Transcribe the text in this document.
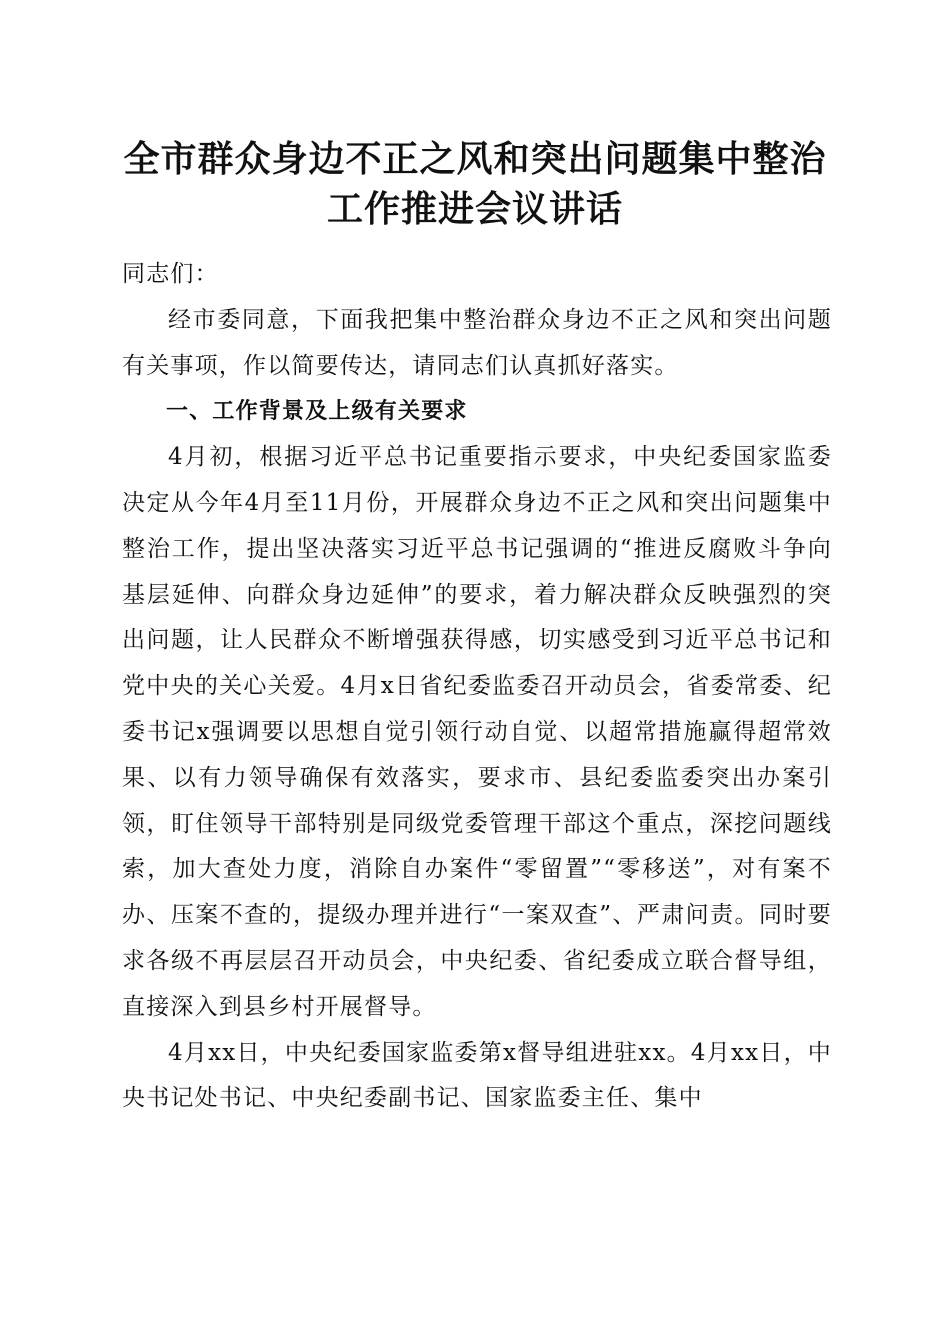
全市群众身边不正之风和突出问题集中整治工作推进会议讲话

同志们：

经市委同意，下面我把集中整治群众身边不正之风和突出问题有关事项，作以简要传达，请同志们认真抓好落实。

一、工作背景及上级有关要求

4月初，根据习近平总书记重要指示要求，中央纪委国家监委决定从今年4月至11月份，开展群众身边不正之风和突出问题集中整治工作，提出坚决落实习近平总书记强调的“推进反腐败斗争向基层延伸、向群众身边延伸”的要求，着力解决群众反映强烈的突出问题，让人民群众不断增强获得感，切实感受到习近平总书记和党中央的关心关爱。4月x日省纪委监委召开动员会，省委常委、纪委书记x强调要以思想自觉引领行动自觉、以超常措施赢得超常效果、以有力领导确保有效落实，要求市、县纪委监委突出办案引领，盯住领导干部特别是同级党委管理干部这个重点，深挖问题线索，加大查处力度，消除自办案件“零留置”“零移送”，对有案不办、压案不查的，提级办理并进行“一案双查”、严肃问责。同时要求各级不再层层召开动员会，中央纪委、省纪委成立联合督导组，直接深入到县乡村开展督导。

4月xx日，中央纪委国家监委第x督导组进驻xx。4月xx日，中央书记处书记、中央纪委副书记、国家监委主任、集中
